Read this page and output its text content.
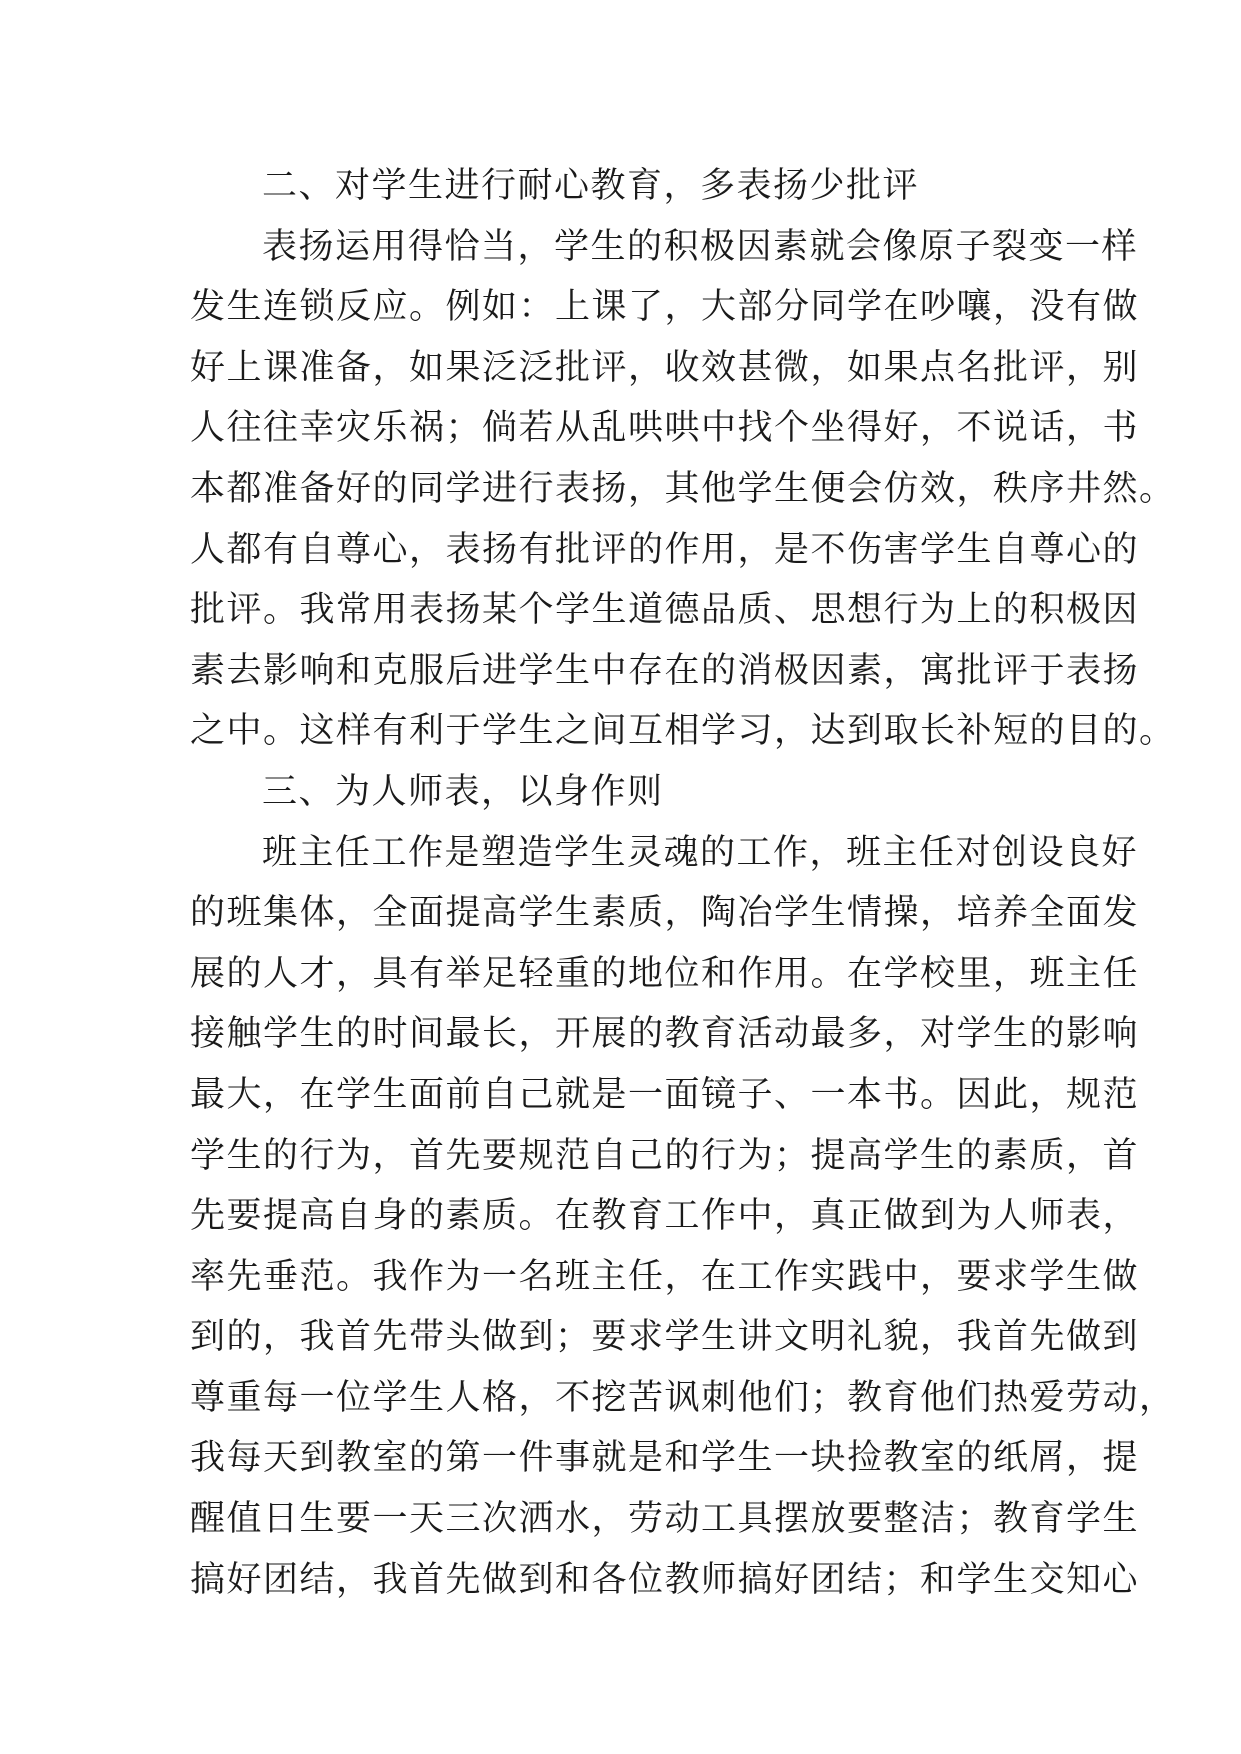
二、对学生进行耐心教育，多表扬少批评
表扬运用得恰当，学生的积极因素就会像原子裂变一样
发生连锁反应。例如：上课了，大部分同学在吵嚷，没有做
好上课准备，如果泛泛批评，收效甚微，如果点名批评，别
人往往幸灾乐祸；倘若从乱哄哄中找个坐得好，不说话，书
本都准备好的同学进行表扬，其他学生便会仿效，秩序井然。
人都有自尊心，表扬有批评的作用，是不伤害学生自尊心的
批评。我常用表扬某个学生道德品质、思想行为上的积极因
素去影响和克服后进学生中存在的消极因素，寓批评于表扬
之中。这样有利于学生之间互相学习，达到取长补短的目的。
三、为人师表，以身作则
班主任工作是塑造学生灵魂的工作，班主任对创设良好
的班集体，全面提高学生素质，陶冶学生情操，培养全面发
展的人才，具有举足轻重的地位和作用。在学校里，班主任
接触学生的时间最长，开展的教育活动最多，对学生的影响
最大，在学生面前自己就是一面镜子、一本书。因此，规范
学生的行为，首先要规范自己的行为；提高学生的素质，首
先要提高自身的素质。在教育工作中，真正做到为人师表，
率先垂范。我作为一名班主任，在工作实践中，要求学生做
到的，我首先带头做到；要求学生讲文明礼貌，我首先做到
尊重每一位学生人格，不挖苦讽刺他们；教育他们热爱劳动，
我每天到教室的第一件事就是和学生一块捡教室的纸屑，提
醒值日生要一天三次洒水，劳动工具摆放要整洁；教育学生
搞好团结，我首先做到和各位教师搞好团结；和学生交知心
